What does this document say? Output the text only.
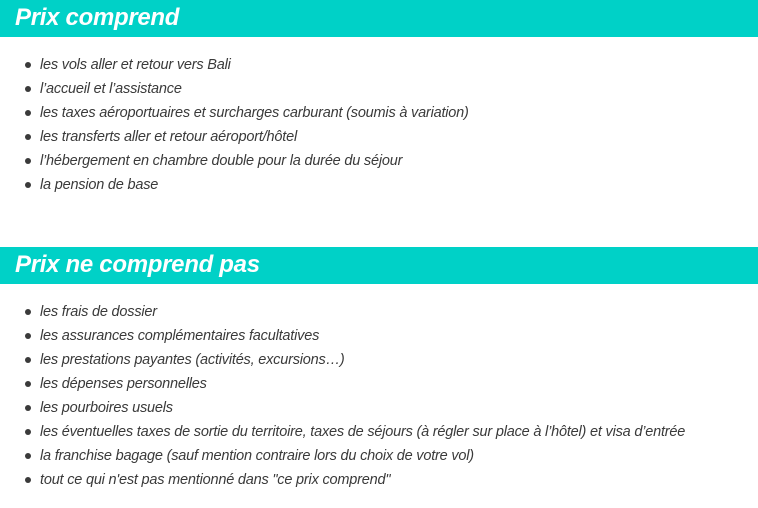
Prix comprend
les vols aller et retour vers Bali
l’accueil et l’assistance
les taxes aéroportuaires et surcharges carburant (soumis à variation)
les transferts aller et retour aéroport/hôtel
l’hébergement en chambre double pour la durée du séjour
la pension de base
Prix ne comprend pas
les frais de dossier
les assurances complémentaires facultatives
les prestations payantes (activités, excursions…)
les dépenses personnelles
les pourboires usuels
les éventuelles taxes de sortie du territoire, taxes de séjours (à régler sur place à l’hôtel) et visa d’entrée
la franchise bagage (sauf mention contraire lors du choix de votre vol)
tout ce qui n'est pas mentionné dans "ce prix comprend"
